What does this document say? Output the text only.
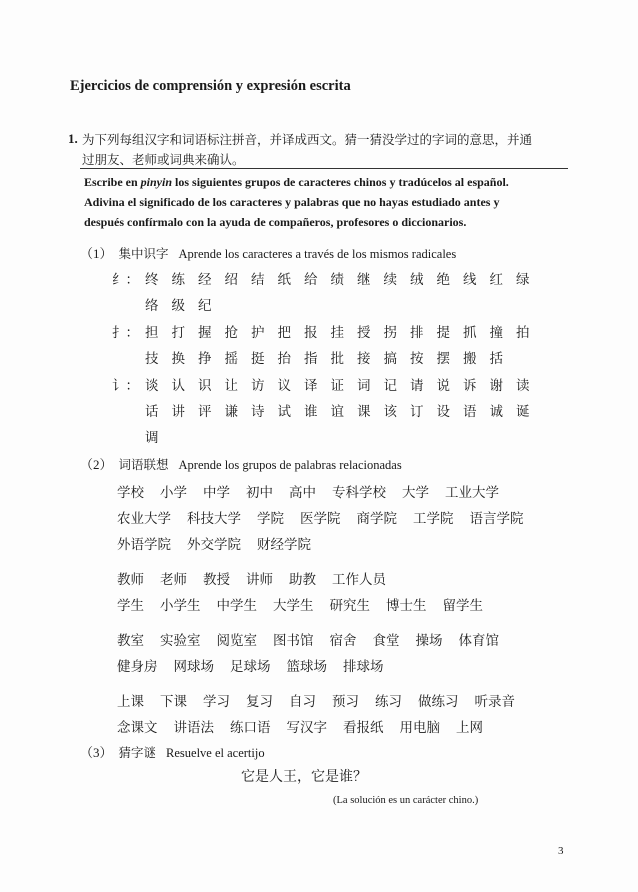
Ejercicios de comprensión y expresión escrita
1. 为下列每组汉字和词语标注拼音，并译成西文。猜一猜没学过的字词的意思，并通
过朋友、老师或词典来确认。
Escribe en pinyin los siguientes grupos de caracteres chinos y tradúcelos al español.
Adivina el significado de los caracteres y palabras que no hayas estudiado antes y
después confírmalo con la ayuda de compañeros, profesores o diccionarios.
（1） 集中识字 Aprende los caracteres a través de los mismos radicales
纟： 终 练 经 绍 结 纸 给 绩 继 续 绒 绝 线 红 绿
络 级 纪
扌： 担 打 握 抢 护 把 报 挂 授 拐 排 提 抓 撞 拍
技 换 挣 摇 挺 抬 指 批 接 搞 按 摆 搬 括
讠： 谈 认 识 让 访 议 译 证 词 记 请 说 诉 谢 读
话 讲 评 谦 诗 试 谁 谊 课 该 订 设 语 诚 诞
调
（2） 词语联想 Aprende los grupos de palabras relacionadas
学校 小学 中学 初中 高中 专科学校 大学 工业大学
农业大学 科技大学 学院 医学院 商学院 工学院 语言学院
外语学院 外交学院 财经学院
教师 老师 教授 讲师 助教 工作人员
学生 小学生 中学生 大学生 研究生 博士生 留学生
教室 实验室 阅览室 图书馆 宿舍 食堂 操场 体育馆
健身房 网球场 足球场 篮球场 排球场
上课 下课 学习 复习 自习 预习 练习 做练习 听录音
念课文 讲语法 练口语 写汉字 看报纸 用电脑 上网
（3） 猜字谜 Resuelve el acertijo
它是人王，它是谁？
(La solución es un carácter chino.)
3
